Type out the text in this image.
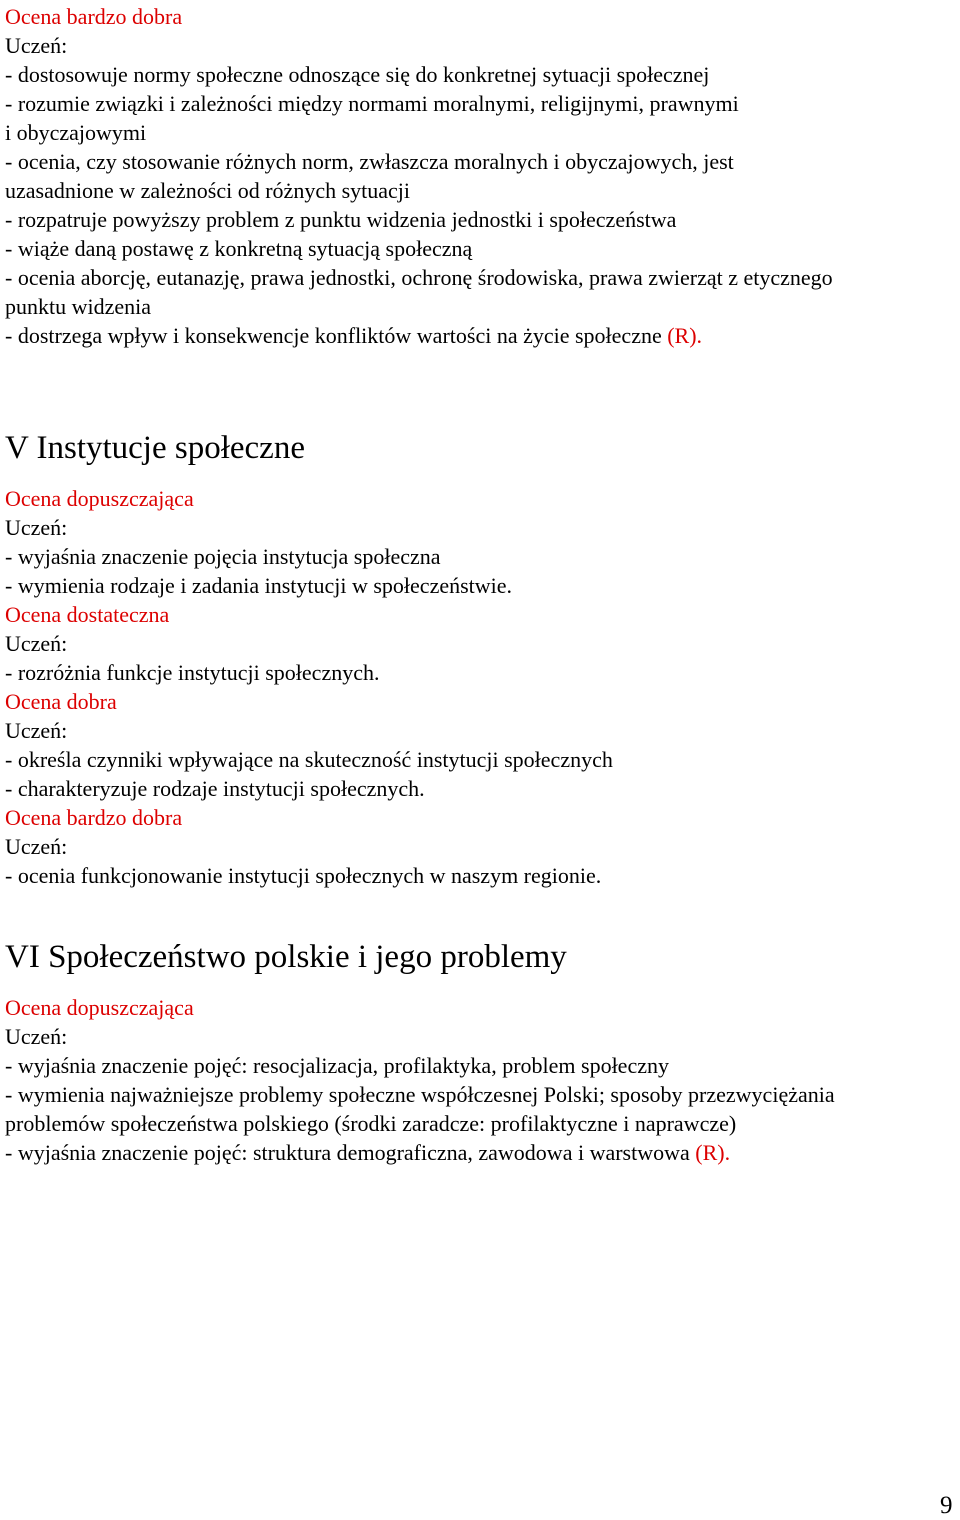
Ocena bardzo dobra
Uczeń:
- dostosowuje normy społeczne odnoszące się do konkretnej sytuacji społecznej
- rozumie związki i zależności między normami moralnymi, religijnymi, prawnymi
i obyczajowymi
- ocenia, czy stosowanie różnych norm, zwłaszcza moralnych i obyczajowych, jest
uzasadnione w zależności od różnych sytuacji
- rozpatruje powyższy problem z punktu widzenia jednostki i społeczeństwa
- wiąże daną postawę z konkretną sytuacją społeczną
- ocenia aborcję, eutanazję, prawa jednostki, ochronę środowiska, prawa zwierząt z etycznego
punktu widzenia
- dostrzega wpływ i konsekwencje konfliktów wartości na życie społeczne (R).
V Instytucje społeczne
Ocena dopuszczająca
Uczeń:
- wyjaśnia znaczenie pojęcia instytucja społeczna
- wymienia rodzaje i zadania instytucji w społeczeństwie.
Ocena dostateczna
Uczeń:
- rozróżnia funkcje instytucji społecznych.
Ocena dobra
Uczeń:
- określa czynniki wpływające na skuteczność instytucji społecznych
- charakteryzuje rodzaje instytucji społecznych.
Ocena bardzo dobra
Uczeń:
- ocenia funkcjonowanie instytucji społecznych w naszym regionie.
VI Społeczeństwo polskie i jego problemy
Ocena dopuszczająca
Uczeń:
- wyjaśnia znaczenie pojęć: resocjalizacja, profilaktyka, problem społeczny
- wymienia najważniejsze problemy społeczne współczesnej Polski; sposoby przezwyciężania
problemów społeczeństwa polskiego (środki zaradcze: profilaktyczne i naprawcze)
- wyjaśnia znaczenie pojęć: struktura demograficzna, zawodowa i warstwowa (R).
9
